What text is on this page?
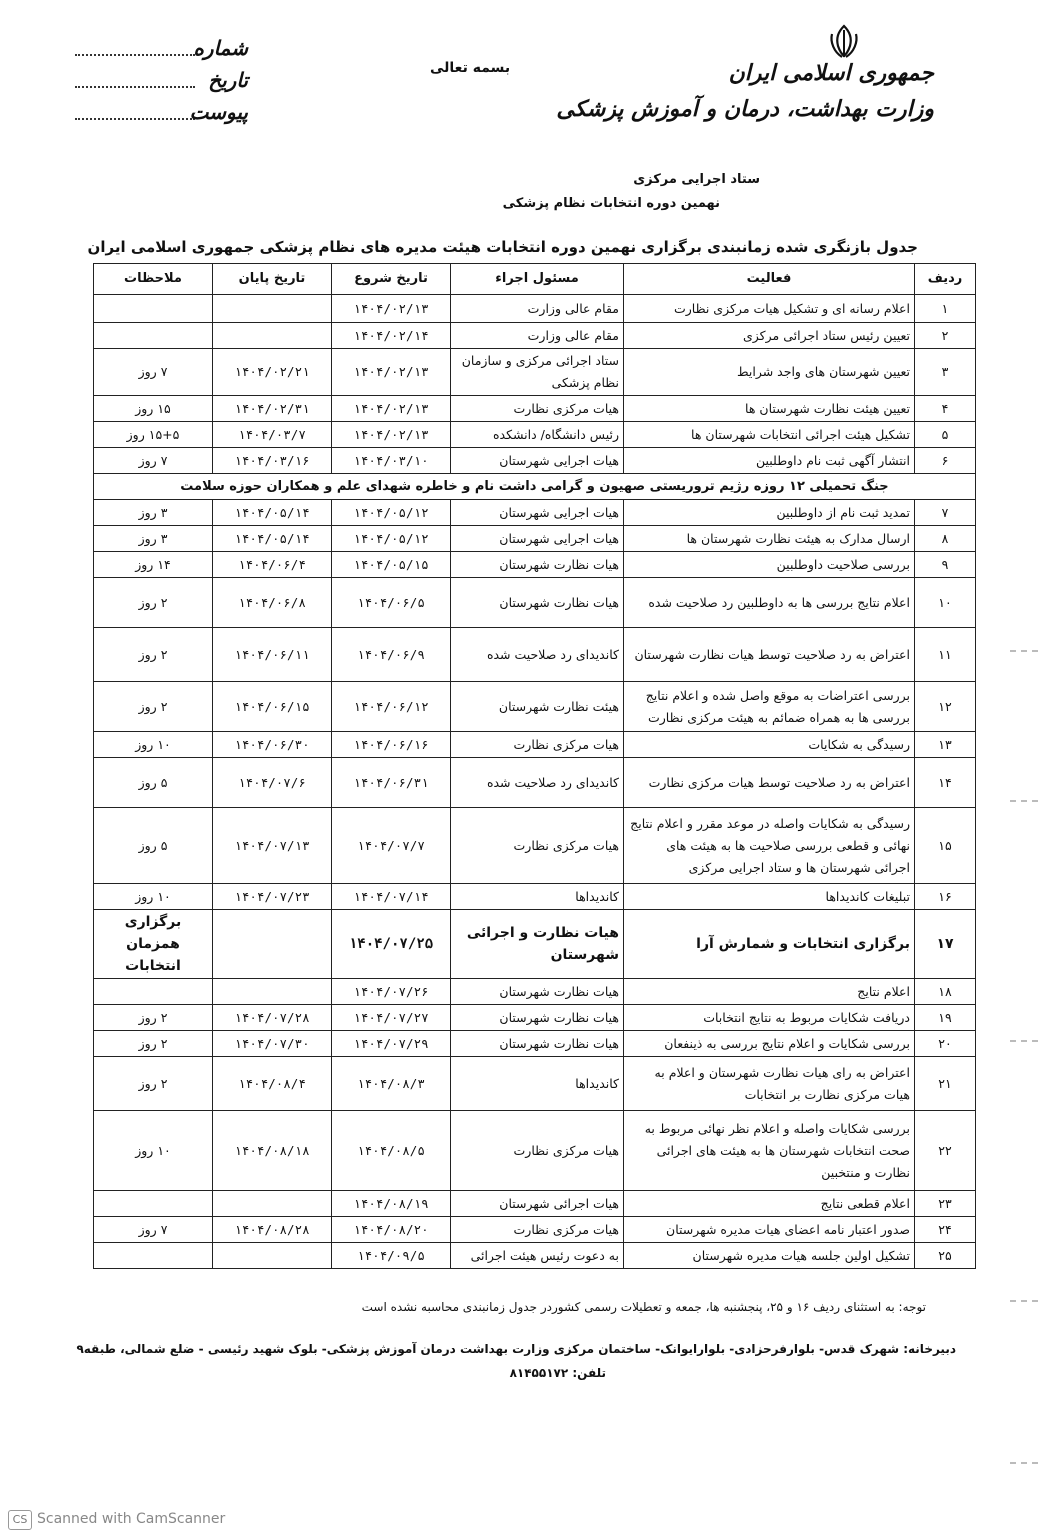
جمهوری اسلامی ایران
وزارت بهداشت، درمان و آموزش پزشکی
بسمه تعالی
شماره
تاریخ
پیوست
ستاد اجرایی مرکزی
نهمین دوره انتخابات نظام پزشکی
جدول بازنگری شده زمانبندی برگزاری نهمین دوره انتخابات هیئت مدیره های نظام پزشکی جمهوری اسلامی ایران
ردیف	فعالیت	مسئول اجراء	تاریخ شروع	تاریخ پایان	ملاحظات
۱	اعلام رسانه ای و تشکیل هیات مرکزی نظارت	مقام عالی وزارت	۱۴۰۴/۰۲/۱۳		
۲	تعیین رئیس ستاد اجرائی مرکزی	مقام عالی وزارت	۱۴۰۴/۰۲/۱۴		
۳	تعیین شهرستان های واجد شرایط	ستاد اجرائی مرکزی و سازمان نظام پزشکی	۱۴۰۴/۰۲/۱۳	۱۴۰۴/۰۲/۲۱	۷ روز
۴	تعیین هیئت نظارت شهرستان ها	هیات مرکزی نظارت	۱۴۰۴/۰۲/۱۳	۱۴۰۴/۰۲/۳۱	۱۵ روز
۵	تشکیل هیئت اجرائی انتخابات شهرستان ها	رئیس دانشگاه/ دانشکده	۱۴۰۴/۰۲/۱۳	۱۴۰۴/۰۳/۷	۱۵+۵ روز
۶	انتشار آگهی ثبت نام داوطلبین	هیات اجرایی شهرستان	۱۴۰۴/۰۳/۱۰	۱۴۰۴/۰۳/۱۶	۷ روز
جنگ تحمیلی ۱۲ روزه رژیم تروریستی صهیون و گرامی داشت نام و خاطره شهدای علم و همکاران حوزه سلامت					
۷	تمدید ثبت نام از داوطلبین	هیات اجرایی شهرستان	۱۴۰۴/۰۵/۱۲	۱۴۰۴/۰۵/۱۴	۳ روز
۸	ارسال مدارک به هیئت نظارت شهرستان ها	هیات اجرایی شهرستان	۱۴۰۴/۰۵/۱۲	۱۴۰۴/۰۵/۱۴	۳ روز
۹	بررسی صلاحیت داوطلبین	هیات نظارت شهرستان	۱۴۰۴/۰۵/۱۵	۱۴۰۴/۰۶/۴	۱۴ روز
۱۰	اعلام نتایج بررسی ها به داوطلبین رد صلاحیت شده	هیات نظارت شهرستان	۱۴۰۴/۰۶/۵	۱۴۰۴/۰۶/۸	۲ روز
۱۱	اعتراض به رد صلاحیت توسط هیات نظارت شهرستان	کاندیدای رد صلاحیت شده	۱۴۰۴/۰۶/۹	۱۴۰۴/۰۶/۱۱	۲ روز
۱۲	بررسی اعتراضات به موقع واصل شده و اعلام نتایج بررسی ها به همراه ضمائم به هیئت مرکزی نظارت	هیئت نظارت شهرستان	۱۴۰۴/۰۶/۱۲	۱۴۰۴/۰۶/۱۵	۲ روز
۱۳	رسیدگی به شکایات	هیات مرکزی نظارت	۱۴۰۴/۰۶/۱۶	۱۴۰۴/۰۶/۳۰	۱۰ روز
۱۴	اعتراض به رد صلاحیت توسط هیات مرکزی نظارت	کاندیدای رد صلاحیت شده	۱۴۰۴/۰۶/۳۱	۱۴۰۴/۰۷/۶	۵ روز
۱۵	رسیدگی به شکایات واصله در موعد مقرر و اعلام نتایج نهائی و قطعی بررسی صلاحیت ها به هیئت های اجرائی شهرستان ها و ستاد اجرایی مرکزی	هیات مرکزی نظارت	۱۴۰۴/۰۷/۷	۱۴۰۴/۰۷/۱۳	۵ روز
۱۶	تبلیغات کاندیداها	کاندیداها	۱۴۰۴/۰۷/۱۴	۱۴۰۴/۰۷/۲۳	۱۰ روز
۱۷	برگزاری انتخابات و شمارش آرا	هیات نظارت و اجرائی شهرستان	۱۴۰۴/۰۷/۲۵		برگزاری همزمان انتخابات
۱۸	اعلام نتایج	هیات نظارت شهرستان	۱۴۰۴/۰۷/۲۶		
۱۹	دریافت شکایات مربوط به نتایج انتخابات	هیات نظارت شهرستان	۱۴۰۴/۰۷/۲۷	۱۴۰۴/۰۷/۲۸	۲ روز
۲۰	بررسی شکایات و اعلام نتایج بررسی به ذینفعان	هیات نظارت شهرستان	۱۴۰۴/۰۷/۲۹	۱۴۰۴/۰۷/۳۰	۲ روز
۲۱	اعتراض به رای هیات نظارت شهرستان و اعلام به هیات مرکزی نظارت بر انتخابات	کاندیداها	۱۴۰۴/۰۸/۳	۱۴۰۴/۰۸/۴	۲ روز
۲۲	بررسی شکایات واصله و اعلام نظر نهائی مربوط به صحت انتخابات شهرستان ها به هیئت های اجرائی نظارت و منتخبین	هیات مرکزی نظارت	۱۴۰۴/۰۸/۵	۱۴۰۴/۰۸/۱۸	۱۰ روز
۲۳	اعلام قطعی نتایج	هیات اجرائی شهرستان	۱۴۰۴/۰۸/۱۹		
۲۴	صدور اعتبار نامه اعضای هیات مدیره شهرستان	هیات مرکزی نظارت	۱۴۰۴/۰۸/۲۰	۱۴۰۴/۰۸/۲۸	۷ روز
۲۵	تشکیل اولین جلسه هیات مدیره شهرستان	به دعوت رئیس هیئت اجرائی	۱۴۰۴/۰۹/۵		
توجه: به استثنای ردیف ۱۶ و ۲۵، پنجشنبه ها، جمعه و تعطیلات رسمی کشوردر جدول زمانبندی محاسبه نشده است
دبیرخانه: شهرک قدس- بلوارفرحزادی- بلوارایوانک- ساختمان مرکزی وزارت بهداشت درمان آموزش پزشکی- بلوک شهید رئیسی - ضلع شمالی، طبقه۹
تلفن: ۸۱۴۵۵۱۷۲
CS Scanned with CamScanner
